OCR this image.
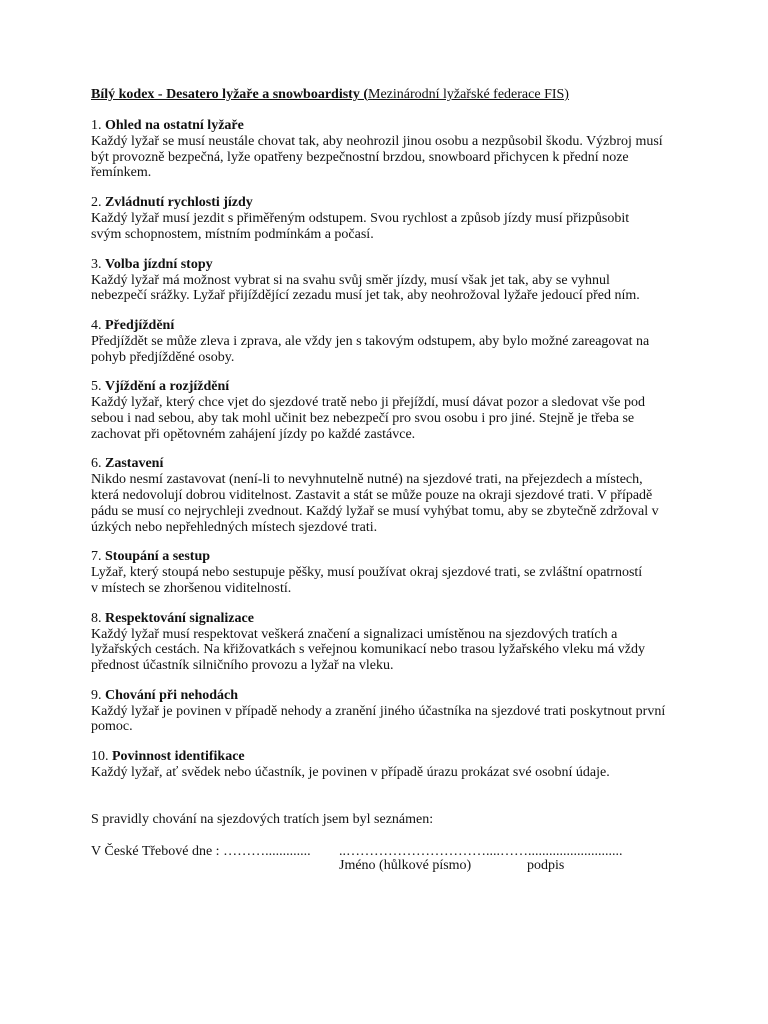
Bílý kodex - Desatero lyžaře a snowboardisty (Mezinárodní lyžařské federace FIS)
1. Ohled na ostatní lyžaře
Každý lyžař se musí neustále chovat tak, aby neohrozil jinou osobu a nezpůsobil škodu. Výzbroj musí
být provozně bezpečná, lyže opatřeny bezpečnostní brzdou, snowboard přichycen k přední noze
řemínkem.
2. Zvládnutí rychlosti jízdy
Každý lyžař musí jezdit s přiměřeným odstupem. Svou rychlost a způsob jízdy musí přizpůsobit
svým schopnostem, místním podmínkám a počasí.
3. Volba jízdní stopy
Každý lyžař má možnost vybrat si na svahu svůj směr jízdy, musí však jet tak, aby se vyhnul
nebezpečí srážky. Lyžař přijíždějící zezadu musí jet tak, aby neohrožoval lyžaře jedoucí před ním.
4. Předjíždění
Předjíždět se může zleva i zprava, ale vždy jen s takovým odstupem, aby bylo možné zareagovat na
pohyb předjížděné osoby.
5. Vjíždění a rozjíždění
Každý lyžař, který chce vjet do sjezdové tratě nebo ji přejíždí, musí dávat pozor a sledovat vše pod
sebou i nad sebou, aby tak mohl učinit bez nebezpečí pro svou osobu i pro jiné. Stejně je třeba se
zachovat při opětovném zahájení jízdy po každé zastávce.
6. Zastavení
Nikdo nesmí zastavovat (není-li to nevyhnutelně nutné) na sjezdové trati, na přejezdech a místech,
která nedovolují dobrou viditelnost. Zastavit a stát se může pouze na okraji sjezdové trati. V případě
pádu se musí co nejrychleji zvednout. Každý lyžař se musí vyhýbat tomu, aby se zbytečně zdržoval v
úzkých nebo nepřehledných místech sjezdové trati.
7. Stoupání a sestup
Lyžař, který stoupá nebo sestupuje pěšky, musí používat okraj sjezdové trati, se zvláštní opatrností
v místech se zhoršenou viditelností.
8. Respektování signalizace
Každý lyžař musí respektovat veškerá značení a signalizaci umístěnou na sjezdových tratích a
lyžařských cestách. Na křižovatkách s veřejnou komunikací nebo trasou lyžařského vleku má vždy
přednost účastník silničního provozu a lyžař na vleku.
9. Chování při nehodách
Každý lyžař je povinen v případě nehody a zranění jiného účastníka na sjezdové trati poskytnout první
pomoc.
10. Povinnost identifikace
Každý lyžař, ať svědek nebo účastník, je povinen v případě úrazu prokázat své osobní údaje.
S pravidly chování na sjezdových tratích jsem byl seznámen:
V České Třebové dne : ………............. ..…………………………....……...........................
Jméno (hůlkové písmo)	podpis
